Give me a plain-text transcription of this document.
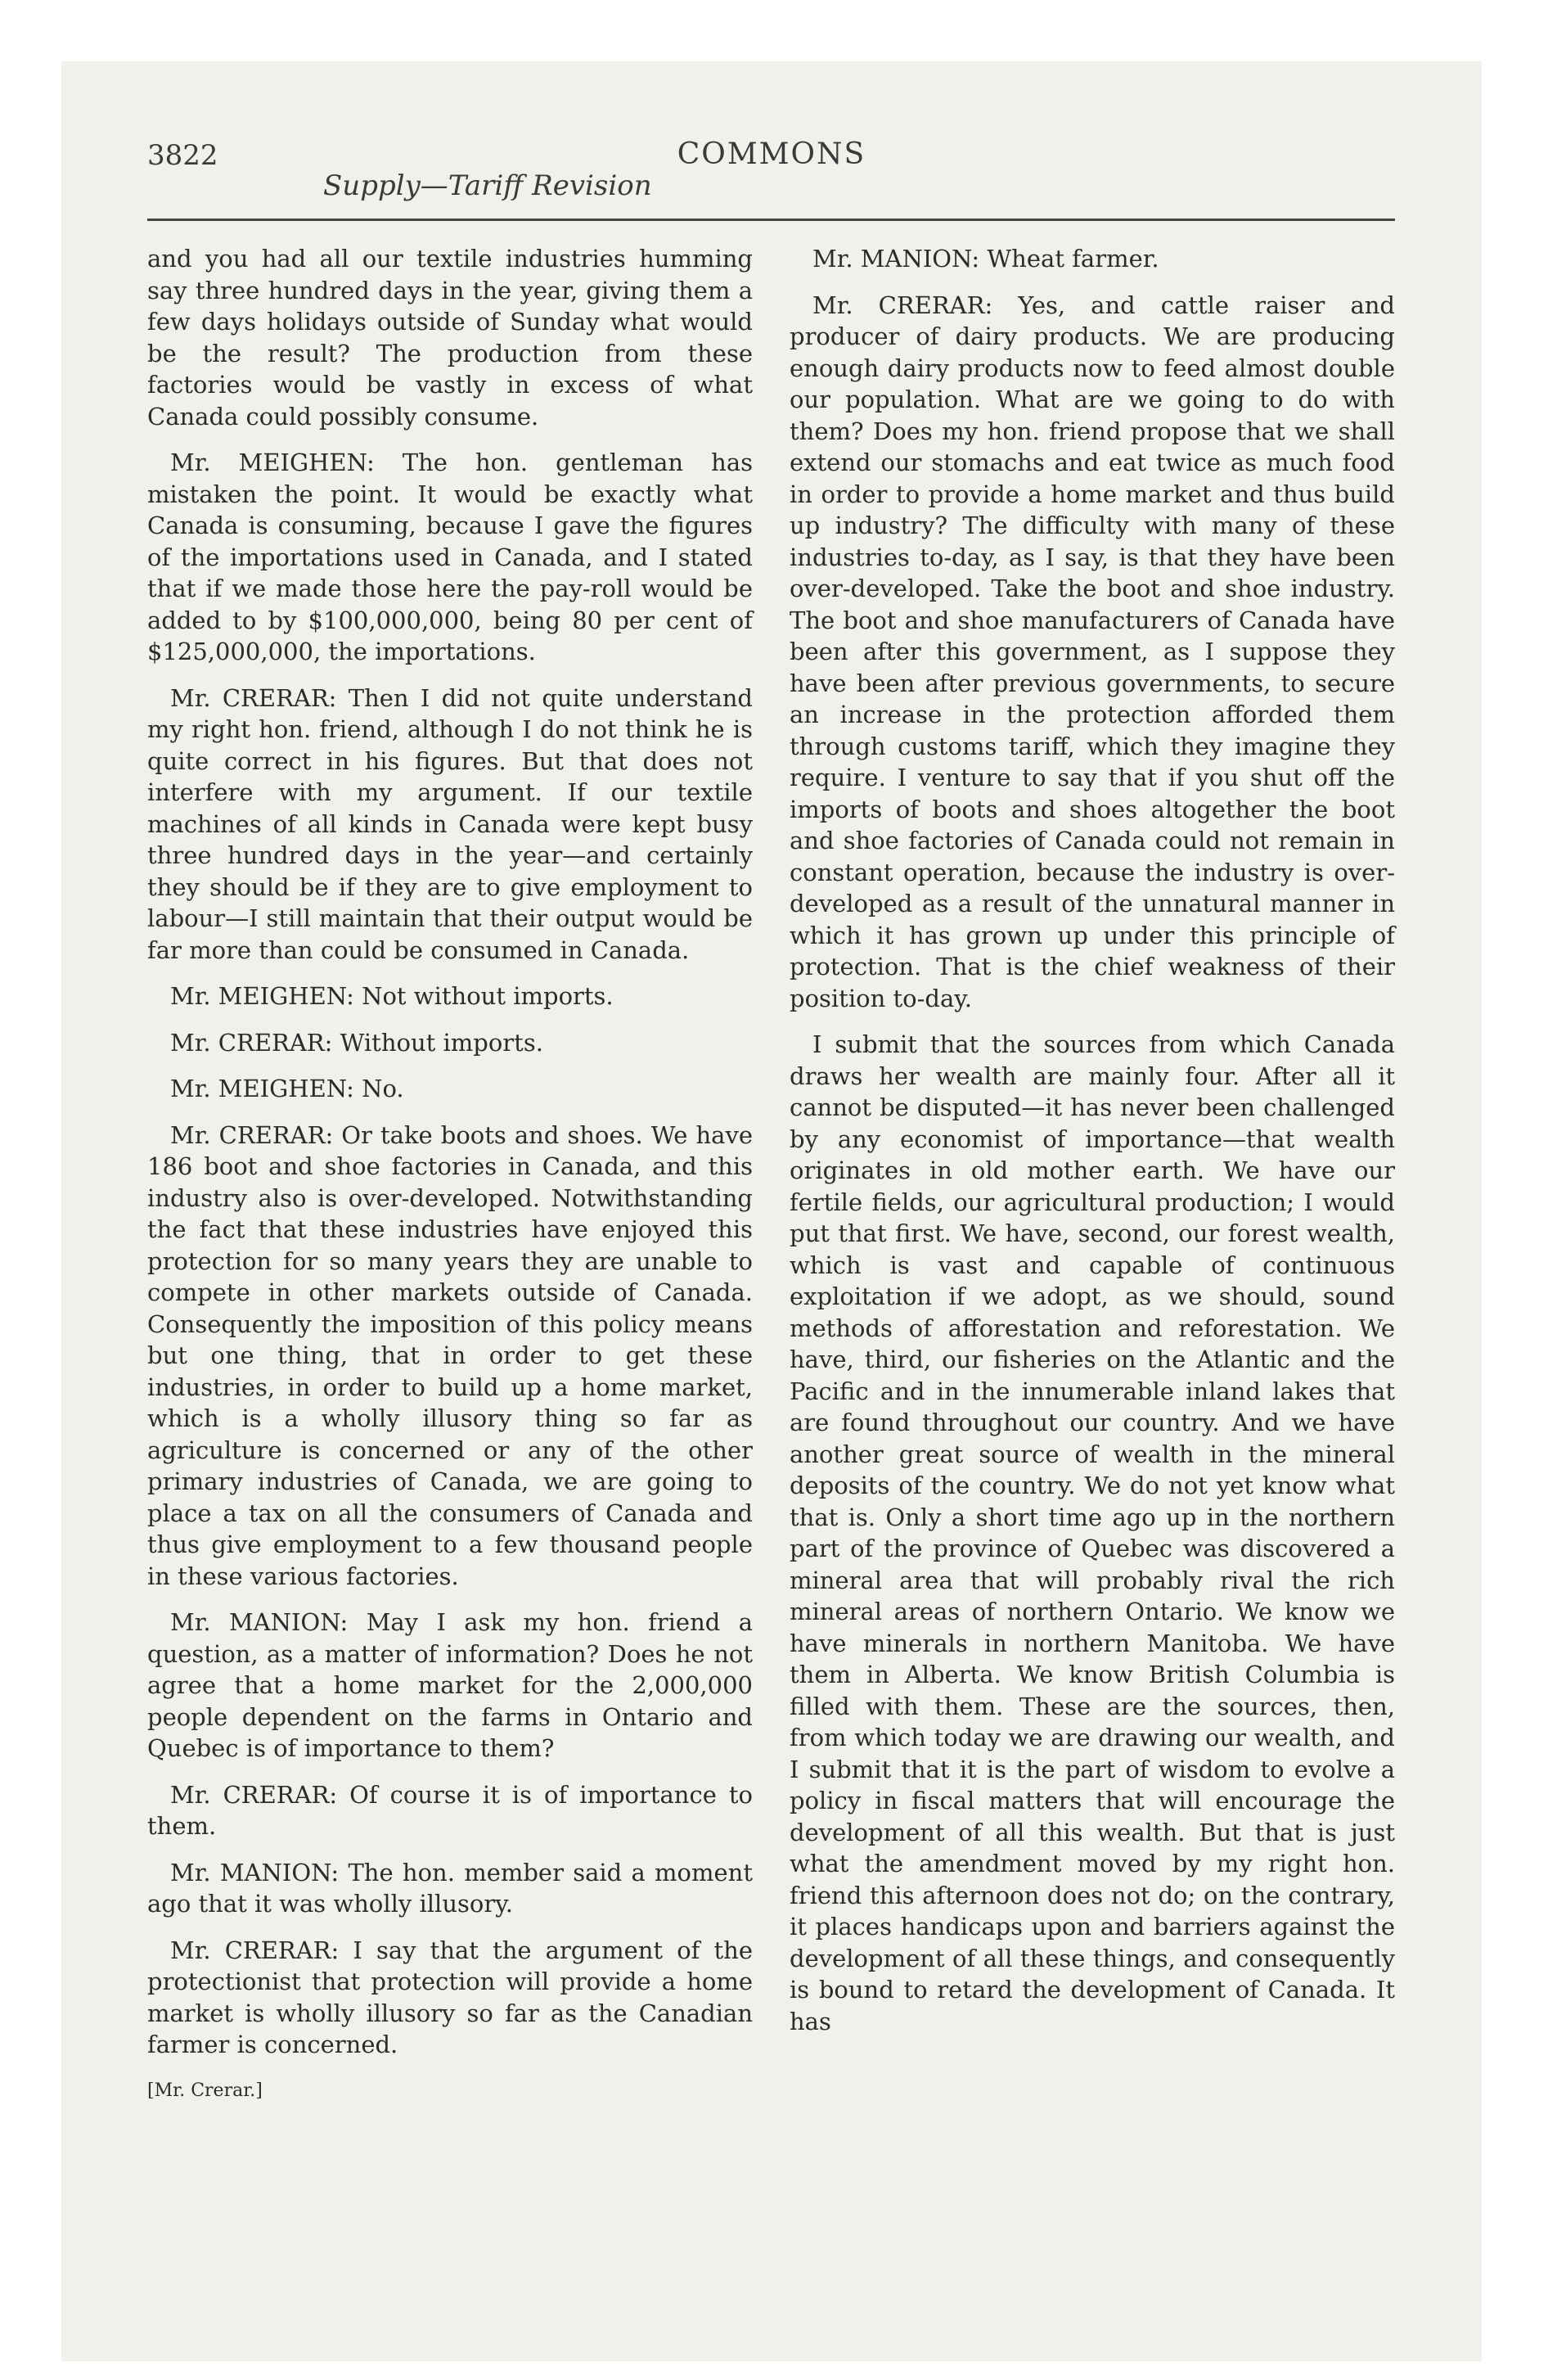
3822	COMMONS
Supply—Tariff Revision

and you had all our textile industries humming say three hundred days in the year, giving them a few days holidays outside of Sunday what would be the result? The production from these factories would be vastly in excess of what Canada could possibly consume.

Mr. MEIGHEN: The hon. gentleman has mistaken the point. It would be exactly what Canada is consuming, because I gave the figures of the importations used in Canada, and I stated that if we made those here the pay-roll would be added to by $100,000,000, being 80 per cent of $125,000,000, the importations.

Mr. CRERAR: Then I did not quite understand my right hon. friend, although I do not think he is quite correct in his figures. But that does not interfere with my argument. If our textile machines of all kinds in Canada were kept busy three hundred days in the year—and certainly they should be if they are to give employment to labour—I still maintain that their output would be far more than could be consumed in Canada.

Mr. MEIGHEN: Not without imports.

Mr. CRERAR: Without imports.

Mr. MEIGHEN: No.

Mr. CRERAR: Or take boots and shoes. We have 186 boot and shoe factories in Canada, and this industry also is over-developed. Notwithstanding the fact that these industries have enjoyed this protection for so many years they are unable to compete in other markets outside of Canada. Consequently the imposition of this policy means but one thing, that in order to get these industries, in order to build up a home market, which is a wholly illusory thing so far as agriculture is concerned or any of the other primary industries of Canada, we are going to place a tax on all the consumers of Canada and thus give employment to a few thousand people in these various factories.

Mr. MANION: May I ask my hon. friend a question, as a matter of information? Does he not agree that a home market for the 2,000,000 people dependent on the farms in Ontario and Quebec is of importance to them?

Mr. CRERAR: Of course it is of importance to them.

Mr. MANION: The hon. member said a moment ago that it was wholly illusory.

Mr. CRERAR: I say that the argument of the protectionist that protection will provide a home market is wholly illusory so far as the Canadian farmer is concerned.

[Mr. Crerar.]

Mr. MANION: Wheat farmer.

Mr. CRERAR: Yes, and cattle raiser and producer of dairy products. We are producing enough dairy products now to feed almost double our population. What are we going to do with them? Does my hon. friend propose that we shall extend our stomachs and eat twice as much food in order to provide a home market and thus build up industry? The difficulty with many of these industries to-day, as I say, is that they have been over-developed. Take the boot and shoe industry. The boot and shoe manufacturers of Canada have been after this government, as I suppose they have been after previous governments, to secure an increase in the protection afforded them through customs tariff, which they imagine they require. I venture to say that if you shut off the imports of boots and shoes altogether the boot and shoe factories of Canada could not remain in constant operation, because the industry is over-developed as a result of the unnatural manner in which it has grown up under this principle of protection. That is the chief weakness of their position to-day.

I submit that the sources from which Canada draws her wealth are mainly four. After all it cannot be disputed—it has never been challenged by any economist of importance—that wealth originates in old mother earth. We have our fertile fields, our agricultural production; I would put that first. We have, second, our forest wealth, which is vast and capable of continuous exploitation if we adopt, as we should, sound methods of afforestation and reforestation. We have, third, our fisheries on the Atlantic and the Pacific and in the innumerable inland lakes that are found throughout our country. And we have another great source of wealth in the mineral deposits of the country. We do not yet know what that is. Only a short time ago up in the northern part of the province of Quebec was discovered a mineral area that will probably rival the rich mineral areas of northern Ontario. We know we have minerals in northern Manitoba. We have them in Alberta. We know British Columbia is filled with them. These are the sources, then, from which today we are drawing our wealth, and I submit that it is the part of wisdom to evolve a policy in fiscal matters that will encourage the development of all this wealth. But that is just what the amendment moved by my right hon. friend this afternoon does not do; on the contrary, it places handicaps upon and barriers against the development of all these things, and consequently is bound to retard the development of Canada. It has
